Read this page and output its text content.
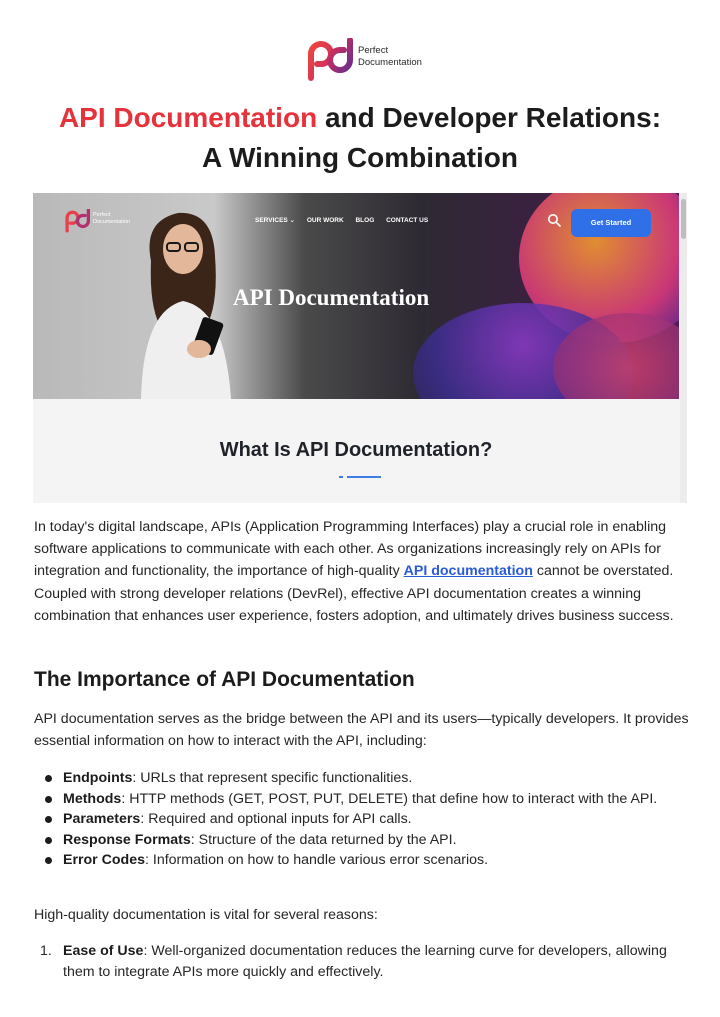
Perfect
Documentation
API Documentation and Developer Relations:
A Winning Combination
Perfect
Documentation	SERVICES ⌄ OUR WORK BLOG CONTACT US	Get Started
API Documentation
What Is API Documentation?

In today's digital landscape, APIs (Application Programming Interfaces) play a crucial role in enabling software applications to communicate with each other. As organizations increasingly rely on APIs for integration and functionality, the importance of high-quality API documentation cannot be overstated. Coupled with strong developer relations (DevRel), effective API documentation creates a winning combination that enhances user experience, fosters adoption, and ultimately drives business success.

The Importance of API Documentation

API documentation serves as the bridge between the API and its users—typically developers. It provides essential information on how to interact with the API, including:

Endpoints: URLs that represent specific functionalities.
Methods: HTTP methods (GET, POST, PUT, DELETE) that define how to interact with the API.
Parameters: Required and optional inputs for API calls.
Response Formats: Structure of the data returned by the API.
Error Codes: Information on how to handle various error scenarios.

High-quality documentation is vital for several reasons:

1. Ease of Use: Well-organized documentation reduces the learning curve for developers, allowing them to integrate APIs more quickly and effectively.
